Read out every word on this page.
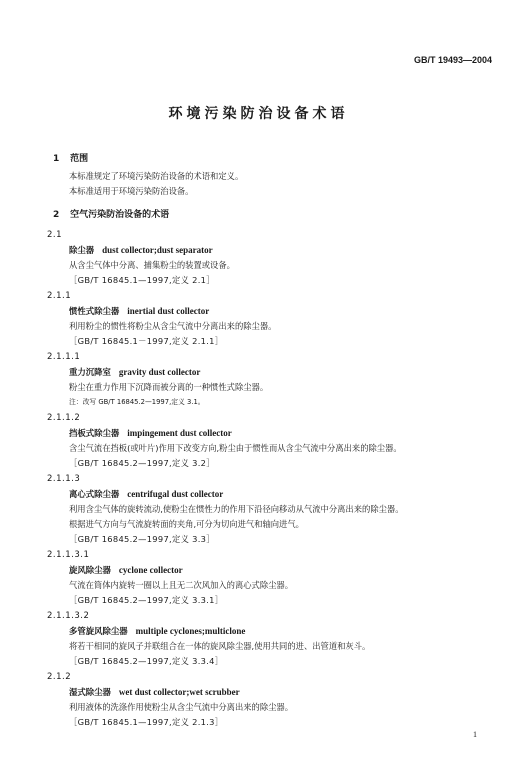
GB/T 19493—2004
环境污染防治设备术语
1 范围
本标准规定了环境污染防治设备的术语和定义。
本标准适用于环境污染防治设备。
2 空气污染防治设备的术语
2.1
除尘器 dust collector;dust separator
从含尘气体中分离、捕集粉尘的装置或设备。
［GB/T 16845.1—1997,定义 2.1］
2.1.1
惯性式除尘器 inertial dust collector
利用粉尘的惯性将粉尘从含尘气流中分离出来的除尘器。
［GB/T 16845.1－1997,定义 2.1.1］
2.1.1.1
重力沉降室 gravity dust collector
粉尘在重力作用下沉降而被分离的一种惯性式除尘器。
注：改写 GB/T 16845.2—1997,定义 3.1。
2.1.1.2
挡板式除尘器 impingement dust collector
含尘气流在挡板(或叶片)作用下改变方向,粉尘由于惯性而从含尘气流中分离出来的除尘器。
［GB/T 16845.2—1997,定义 3.2］
2.1.1.3
离心式除尘器 centrifugal dust collector
利用含尘气体的旋转流动,使粉尘在惯性力的作用下沿径向移动从气流中分离出来的除尘器。
根据进气方向与气流旋转面的夹角,可分为切向进气和轴向进气。
［GB/T 16845.2—1997,定义 3.3］
2.1.1.3.1
旋风除尘器 cyclone collector
气流在筒体内旋转一圈以上且无二次风加入的离心式除尘器。
［GB/T 16845.2—1997,定义 3.3.1］
2.1.1.3.2
多管旋风除尘器 multiple cyclones;multiclone
将若干相同的旋风子并联组合在一体的旋风除尘器,使用共同的进、出管道和灰斗。
［GB/T 16845.2—1997,定义 3.3.4］
2.1.2
湿式除尘器 wet dust collector;wet scrubber
利用液体的洗涤作用使粉尘从含尘气流中分离出来的除尘器。
［GB/T 16845.1—1997,定义 2.1.3］
1
